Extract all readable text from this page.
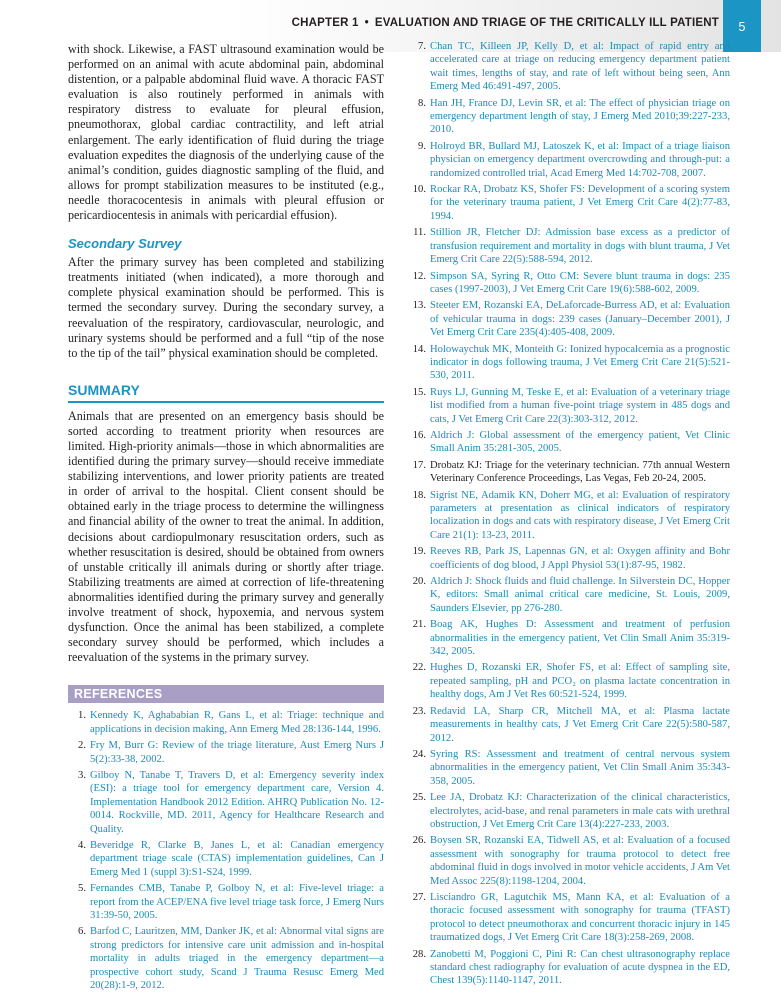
CHAPTER 1 • EVALUATION AND TRIAGE OF THE CRITICALLY ILL PATIENT	5

with shock. Likewise, a FAST ultrasound examination would be performed on an animal with acute abdominal pain, abdominal distention, or a palpable abdominal fluid wave. A thoracic FAST evaluation is also routinely performed in animals with respiratory distress to evaluate for pleural effusion, pneumothorax, global cardiac contractility, and left atrial enlargement. The early identification of fluid during the triage evaluation expedites the diagnosis of the underlying cause of the animal’s condition, guides diagnostic sampling of the fluid, and allows for prompt stabilization measures to be instituted (e.g., needle thoracocentesis in animals with pleural effusion or pericardiocentesis in animals with pericardial effusion).

Secondary Survey

After the primary survey has been completed and stabilizing treatments initiated (when indicated), a more thorough and complete physical examination should be performed. This is termed the secondary survey. During the secondary survey, a reevaluation of the respiratory, cardiovascular, neurologic, and urinary systems should be performed and a full “tip of the nose to the tip of the tail” physical examination should be completed.

SUMMARY

Animals that are presented on an emergency basis should be sorted according to treatment priority when resources are limited. High-priority animals—those in which abnormalities are identified during the primary survey—should receive immediate stabilizing interventions, and lower priority patients are treated in order of arrival to the hospital. Client consent should be obtained early in the triage process to determine the willingness and financial ability of the owner to treat the animal. In addition, decisions about cardiopulmonary resuscitation orders, such as whether resuscitation is desired, should be obtained from owners of unstable critically ill animals during or shortly after triage. Stabilizing treatments are aimed at correction of life-threatening abnormalities identified during the primary survey and generally involve treatment of shock, hypoxemia, and nervous system dysfunction. Once the animal has been stabilized, a complete secondary survey should be performed, which includes a reevaluation of the systems in the primary survey.

REFERENCES
1. Kennedy K, Aghababian R, Gans L, et al: Triage: technique and applications in decision making, Ann Emerg Med 28:136-144, 1996.
2. Fry M, Burr G: Review of the triage literature, Aust Emerg Nurs J 5(2):33-38, 2002.
3. Gilboy N, Tanabe T, Travers D, et al: Emergency severity index (ESI): a triage tool for emergency department care, Version 4. Implementation Handbook 2012 Edition. AHRQ Publication No. 12-0014. Rockville, MD. 2011, Agency for Healthcare Research and Quality.
4. Beveridge R, Clarke B, Janes L, et al: Canadian emergency department triage scale (CTAS) implementation guidelines, Can J Emerg Med 1 (suppl 3):S1-S24, 1999.
5. Fernandes CMB, Tanabe P, Golboy N, et al: Five-level triage: a report from the ACEP/ENA five level triage task force, J Emerg Nurs 31:39-50, 2005.
6. Barfod C, Lauritzen, MM, Danker JK, et al: Abnormal vital signs are strong predictors for intensive care unit admission and in-hospital mortality in adults triaged in the emergency department—a prospective cohort study, Scand J Trauma Resusc Emerg Med 20(28):1-9, 2012.
7. Chan TC, Killeen JP, Kelly D, et al: Impact of rapid entry and accelerated care at triage on reducing emergency department patient wait times, lengths of stay, and rate of left without being seen, Ann Emerg Med 46:491-497, 2005.
8. Han JH, France DJ, Levin SR, et al: The effect of physician triage on emergency department length of stay, J Emerg Med 2010;39:227-233, 2010.
9. Holroyd BR, Bullard MJ, Latoszek K, et al: Impact of a triage liaison physician on emergency department overcrowding and through-put: a randomized controlled trial, Acad Emerg Med 14:702-708, 2007.
10. Rockar RA, Drobatz KS, Shofer FS: Development of a scoring system for the veterinary trauma patient, J Vet Emerg Crit Care 4(2):77-83, 1994.
11. Stillion JR, Fletcher DJ: Admission base excess as a predictor of transfusion requirement and mortality in dogs with blunt trauma, J Vet Emerg Crit Care 22(5):588-594, 2012.
12. Simpson SA, Syring R, Otto CM: Severe blunt trauma in dogs: 235 cases (1997-2003), J Vet Emerg Crit Care 19(6):588-602, 2009.
13. Steeter EM, Rozanski EA, DeLaforcade-Burress AD, et al: Evaluation of vehicular trauma in dogs: 239 cases (January–December 2001), J Vet Emerg Crit Care 235(4):405-408, 2009.
14. Holowaychuk MK, Monteith G: Ionized hypocalcemia as a prognostic indicator in dogs following trauma, J Vet Emerg Crit Care 21(5):521-530, 2011.
15. Ruys LJ, Gunning M, Teske E, et al: Evaluation of a veterinary triage list modified from a human five-point triage system in 485 dogs and cats, J Vet Emerg Crit Care 22(3):303-312, 2012.
16. Aldrich J: Global assessment of the emergency patient, Vet Clinic Small Anim 35:281-305, 2005.
17. Drobatz KJ: Triage for the veterinary technician. 77th annual Western Veterinary Conference Proceedings, Las Vegas, Feb 20-24, 2005.
18. Sigrist NE, Adamik KN, Doherr MG, et al: Evaluation of respiratory parameters at presentation as clinical indicators of respiratory localization in dogs and cats with respiratory disease, J Vet Emerg Crit Care 21(1): 13-23, 2011.
19. Reeves RB, Park JS, Lapennas GN, et al: Oxygen affinity and Bohr coefficients of dog blood, J Appl Physiol 53(1):87-95, 1982.
20. Aldrich J: Shock fluids and fluid challenge. In Silverstein DC, Hopper K, editors: Small animal critical care medicine, St. Louis, 2009, Saunders Elsevier, pp 276-280.
21. Boag AK, Hughes D: Assessment and treatment of perfusion abnormalities in the emergency patient, Vet Clin Small Anim 35:319-342, 2005.
22. Hughes D, Rozanski ER, Shofer FS, et al: Effect of sampling site, repeated sampling, pH and PCO₂ on plasma lactate concentration in healthy dogs, Am J Vet Res 60:521-524, 1999.
23. Redavid LA, Sharp CR, Mitchell MA, et al: Plasma lactate measurements in healthy cats, J Vet Emerg Crit Care 22(5):580-587, 2012.
24. Syring RS: Assessment and treatment of central nervous system abnormalities in the emergency patient, Vet Clin Small Anim 35:343-358, 2005.
25. Lee JA, Drobatz KJ: Characterization of the clinical characteristics, electrolytes, acid-base, and renal parameters in male cats with urethral obstruction, J Vet Emerg Crit Care 13(4):227-233, 2003.
26. Boysen SR, Rozanski EA, Tidwell AS, et al: Evaluation of a focused assessment with sonography for trauma protocol to detect free abdominal fluid in dogs involved in motor vehicle accidents, J Am Vet Med Assoc 225(8):1198-1204, 2004.
27. Lisciandro GR, Lagutchik MS, Mann KA, et al: Evaluation of a thoracic focused assessment with sonography for trauma (TFAST) protocol to detect pneumothorax and concurrent thoracic injury in 145 traumatized dogs, J Vet Emerg Crit Care 18(3):258-269, 2008.
28. Zanobetti M, Poggioni C, Pini R: Can chest ultrasonography replace standard chest radiography for evaluation of acute dyspnea in the ED, Chest 139(5):1140-1147, 2011.
